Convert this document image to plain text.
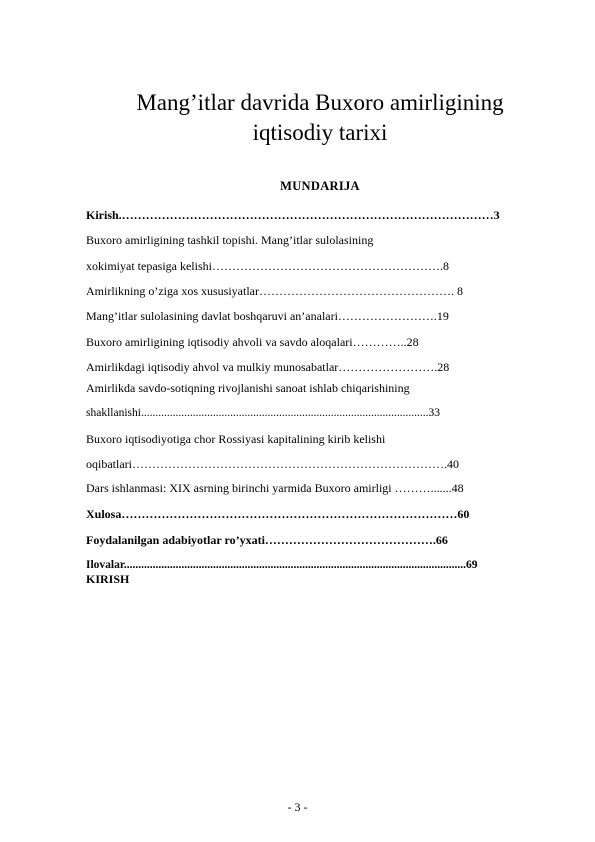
Mang’itlar davrida Buxoro amirligining
iqtisodiy tarixi
MUNDARIJA
Kirish.…………………………………………………………………………………3
Buxoro amirligining tashkil topishi. Mang’itlar sulolasining
xokimiyat tepasiga kelishi………………………………………………….8
Amirlikning o’ziga xos xususiyatlar…………………………………………. 8
Mang’itlar sulolasining davlat boshqaruvi an’analari…………………….19
Buxoro amirligining iqtisodiy ahvoli va savdo aloqalari…………..28
Amirlikdagi iqtisodiy ahvol va mulkiy munosabatlar…………………….28
Amirlikda savdo-sotiqning rivojlanishi sanoat ishlab chiqarishining
shakllanishi....................................................................................................33
Buxoro iqtisodiyotiga chor Rossiyasi kapitalining kirib kelishi
oqibatlari…………………………………………………………………….40
Dars ishlanmasi: XIX asrning birinchi yarmida Buxoro amirligi ……….......48
Xulosa…………………………………………………………………………60
Foydalanilgan adabiyotlar ro’yxati…………………………………….66
Ilovalar.......................................................................................................................69
KIRISH
- 3 -
